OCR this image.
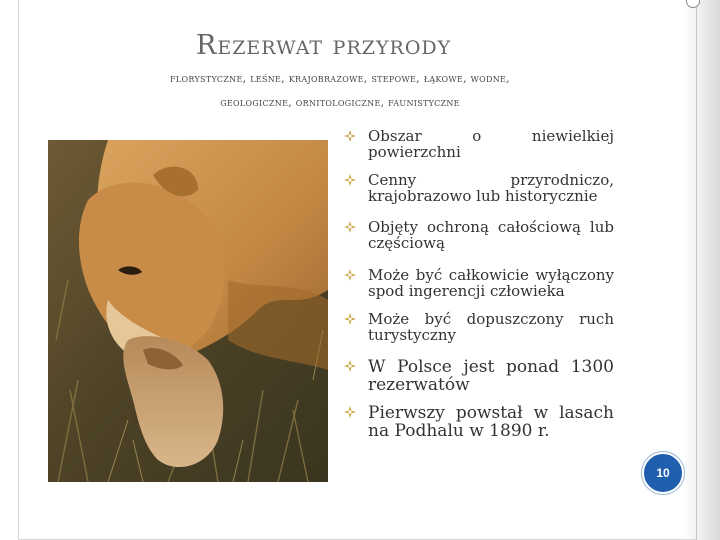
Rezerwat przyrody
florystyczne, leśne, krajobrazowe, stepowe, łąkowe, wodne,
geologiczne, ornitologiczne, faunistyczne
Obszar o niewielkiej powierzchni
Cenny przyrodniczo, krajobrazowo lub historycznie
Objęty ochroną całościową lub częściową
Może być całkowicie wyłączony spod ingerencji człowieka
Może być dopuszczony ruch turystyczny
W Polsce jest ponad 1300 rezerwatów
Pierwszy powstał w lasach na Podhalu w 1890 r.
10
